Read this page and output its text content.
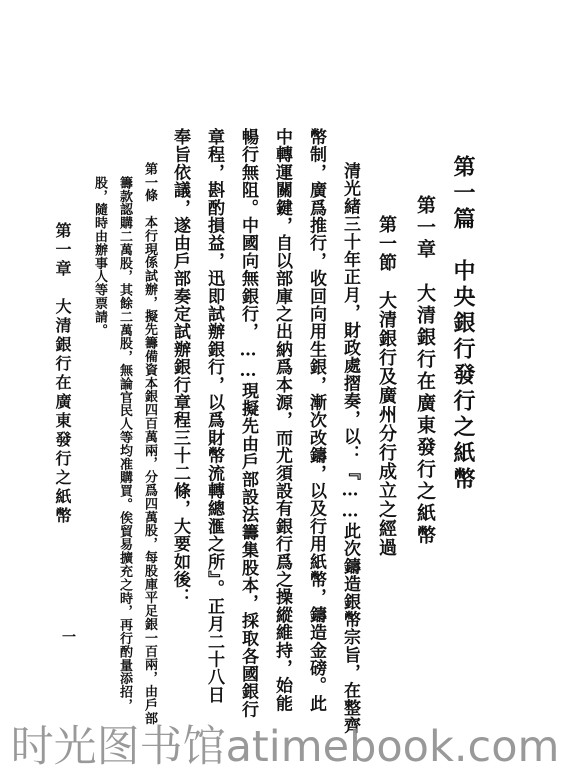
第一篇　中央銀行發行之紙幣
第一章　大清銀行在廣東發行之紙幣
第一節　大清銀行及廣州分行成立之經過
清光緒三十年正月，財政處摺奏，以：『……此次鑄造銀幣宗旨，在整齊
幣制，廣爲推行，收回向用生銀，漸次改鑄，以及行用紙幣，鑄造金磅。此
中轉運關鍵，自以部庫之出納爲本源，而尤須設有銀行爲之操縱維持，始能
暢行無阻。中國向無銀行，……現擬先由戶部設法籌集股本，採取各國銀行
章程，斟酌損益，迅即試辦銀行，以爲財幣流轉總滙之所』。正月二十八日
奉旨依議，遂由戶部奏定試辦銀行章程三十二條，大要如後：
第一條　本行現係試辦，擬先籌備資本銀四百萬兩，分爲四萬股，每股庫平足銀一百兩，由戶部
籌款認購二萬股，其餘二萬股，無論官民人等均准購買。俟貿易擴充之時，再行酌量添招，
股，隨時由辦事人等票請。
第一章　大清銀行在廣東發行之紙幣
一
时光图书馆atimebook.com
